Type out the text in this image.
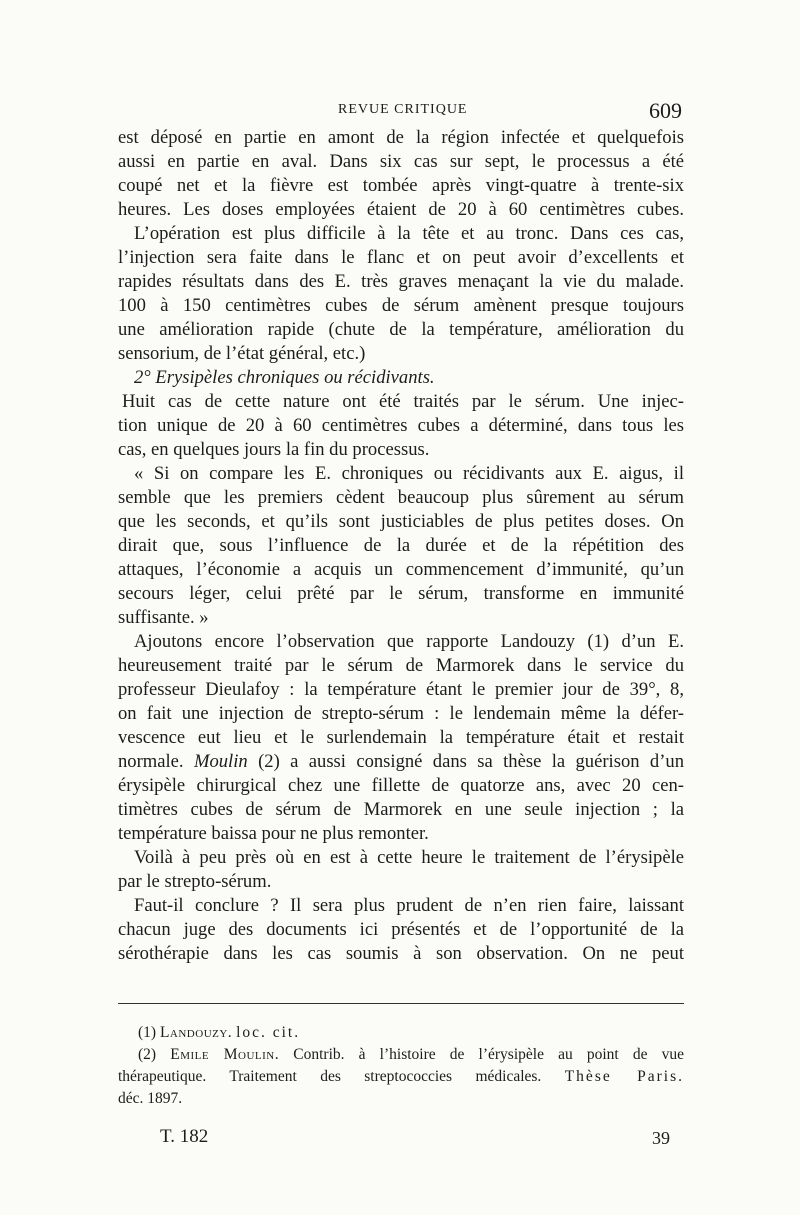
REVUE CRITIQUE	609
est déposé en partie en amont de la région infectée et quelquefois
aussi en partie en aval. Dans six cas sur sept, le processus a été
coupé net et la fièvre est tombée après vingt-quatre à trente-six
heures. Les doses employées étaient de 20 à 60 centimètres cubes.
L’opération est plus difficile à la tête et au tronc. Dans ces cas,
l’injection sera faite dans le flanc et on peut avoir d’excellents et
rapides résultats dans des E. très graves menaçant la vie du malade.
100 à 150 centimètres cubes de sérum amènent presque toujours
une amélioration rapide (chute de la température, amélioration du
sensorium, de l’état général, etc.)
2° Erysipèles chroniques ou récidivants.
Huit cas de cette nature ont été traités par le sérum. Une injec-
tion unique de 20 à 60 centimètres cubes a déterminé, dans tous les
cas, en quelques jours la fin du processus.
« Si on compare les E. chroniques ou récidivants aux E. aigus, il
semble que les premiers cèdent beaucoup plus sûrement au sérum
que les seconds, et qu’ils sont justiciables de plus petites doses. On
dirait que, sous l’influence de la durée et de la répétition des
attaques, l’économie a acquis un commencement d’immunité, qu’un
secours léger, celui prêté par le sérum, transforme en immunité
suffisante. »
Ajoutons encore l’observation que rapporte Landouzy (1) d’un E.
heureusement traité par le sérum de Marmorek dans le service du
professeur Dieulafoy : la température étant le premier jour de 39°, 8,
on fait une injection de strepto-sérum : le lendemain même la défer-
vescence eut lieu et le surlendemain la température était et restait
normale. Moulin (2) a aussi consigné dans sa thèse la guérison d’un
érysipèle chirurgical chez une fillette de quatorze ans, avec 20 cen-
timètres cubes de sérum de Marmorek en une seule injection ; la
température baissa pour ne plus remonter.
Voilà à peu près où en est à cette heure le traitement de l’érysipèle
par le strepto-sérum.
Faut-il conclure ? Il sera plus prudent de n’en rien faire, laissant
chacun juge des documents ici présentés et de l’opportunité de la
sérothérapie dans les cas soumis à son observation. On ne peut
(1) Landouzy. loc. cit.
(2) Emile Moulin. Contrib. à l’histoire de l’érysipèle au point de vue
thérapeutique. Traitement des streptococcies médicales. Thèse Paris.
déc. 1897.
T. 182	39
